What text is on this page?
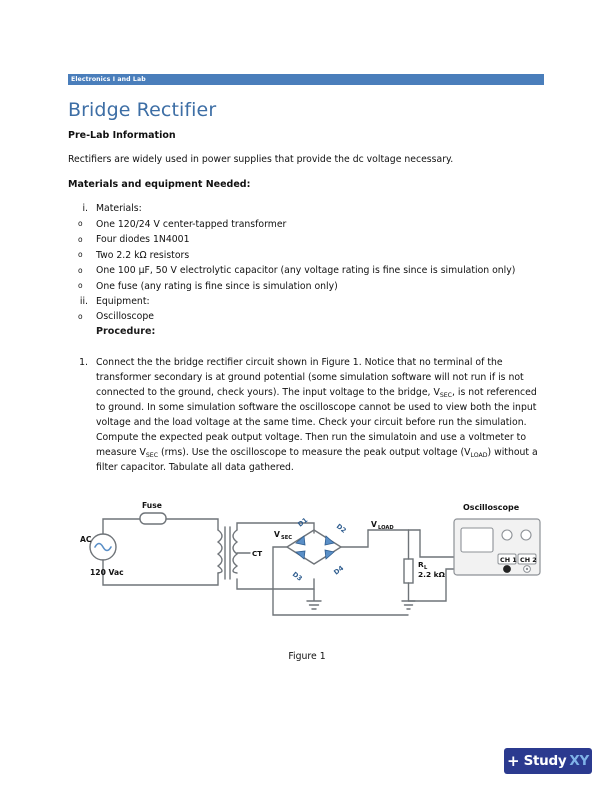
Electronics I and Lab
Bridge Rectifier
Pre-Lab Information
Rectifiers are widely used in power supplies that provide the dc voltage necessary.
Materials and equipment Needed:
i. Materials:
o One 120/24 V center-tapped transformer
o Four diodes 1N4001
o Two 2.2 kΩ resistors
o One 100 µF, 50 V electrolytic capacitor (any voltage rating is fine since is simulation only)
o One fuse (any rating is fine since is simulation only)
ii. Equipment:
o Oscilloscope
Procedure:
1. Connect the the bridge rectifier circuit shown in Figure 1. Notice that no terminal of the transformer secondary is at ground potential (some simulation software will not run if is not connected to the ground, check yours). The input voltage to the bridge, $V_{SEC}$, is not referenced to ground. In some simulation software the oscilloscope cannot be used to view both the input voltage and the load voltage at the same time. Check your circuit before run the simulation. Compute the expected peak output voltage. Then run the simulatoin and use a voltmeter to measure $V_{SEC}$ (rms). Use the oscilloscope to measure the peak output voltage $(V_{LOAD})$ without a filter capacitor. Tabulate all data gathered.
Fuse
AC
120 Vac
CT
V SEC
D1	D2
D3	D4
V LOAD
R L
2.2 kΩ
Oscilloscope
CH 1 CH 2
Figure 1
+ Study XY
